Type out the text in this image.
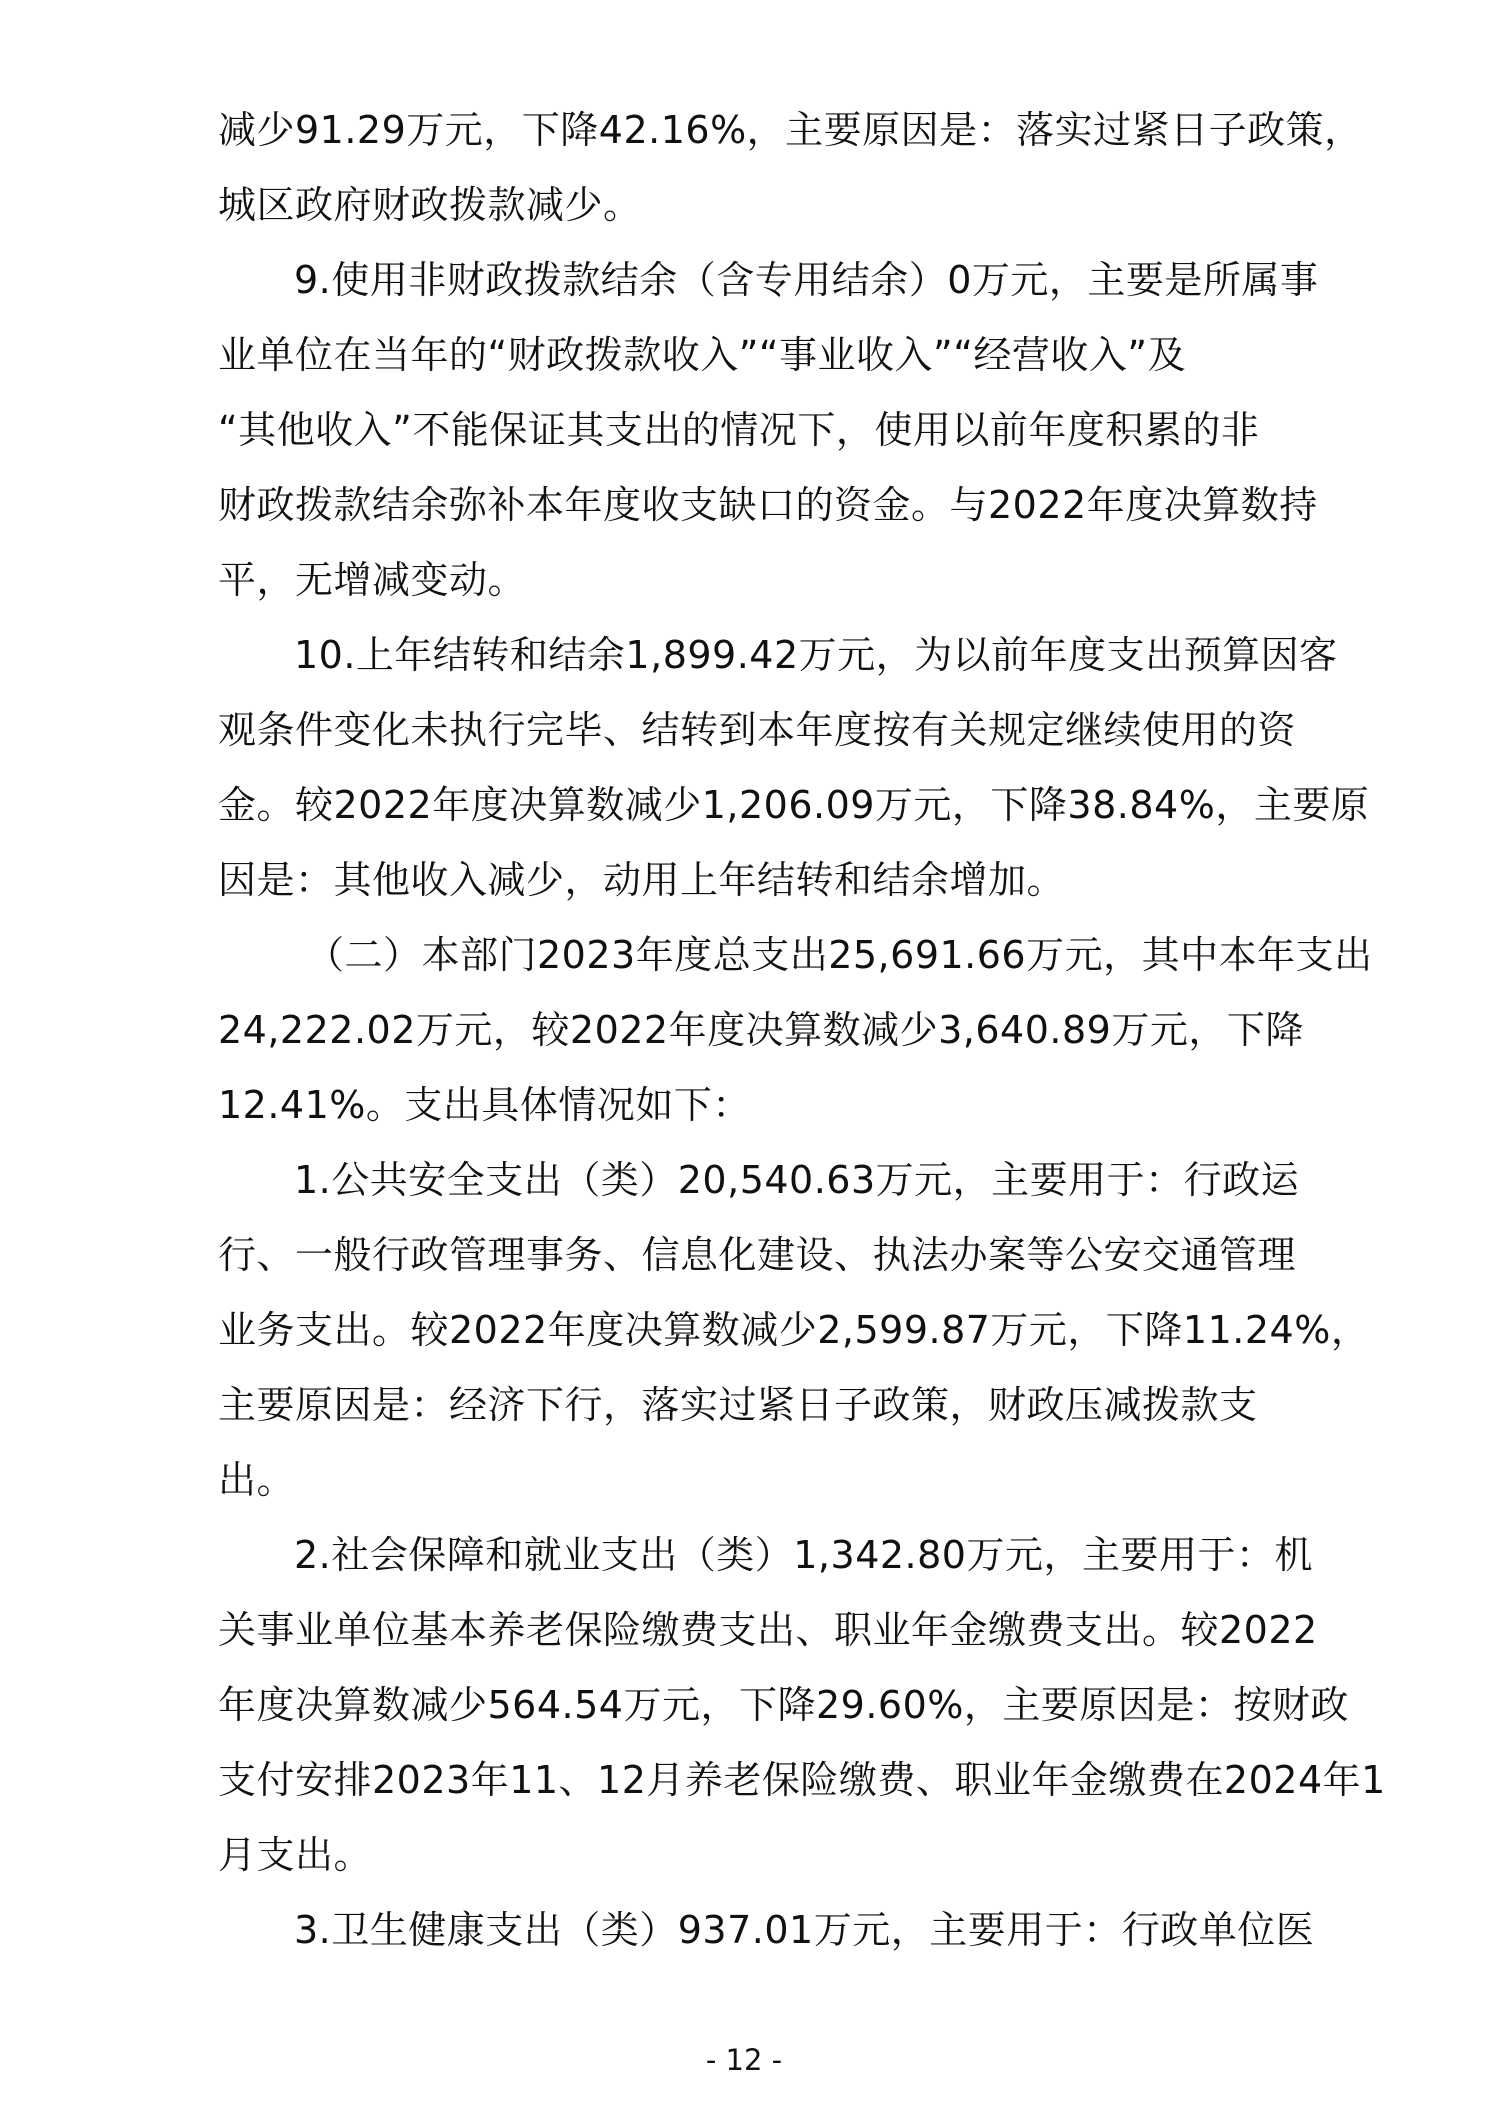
减少91.29万元，下降42.16%，主要原因是：落实过紧日子政策，
城区政府财政拨款减少。
9.使用非财政拨款结余（含专用结余）0万元，主要是所属事
业单位在当年的“财政拨款收入”“事业收入”“经营收入”及
“其他收入”不能保证其支出的情况下，使用以前年度积累的非
财政拨款结余弥补本年度收支缺口的资金。与2022年度决算数持
平，无增减变动。
10.上年结转和结余1,899.42万元，为以前年度支出预算因客
观条件变化未执行完毕、结转到本年度按有关规定继续使用的资
金。较2022年度决算数减少1,206.09万元，下降38.84%，主要原
因是：其他收入减少，动用上年结转和结余增加。
（二）本部门2023年度总支出25,691.66万元，其中本年支出
24,222.02万元，较2022年度决算数减少3,640.89万元，下降
12.41%。支出具体情况如下：
1.公共安全支出（类）20,540.63万元，主要用于：行政运
行、一般行政管理事务、信息化建设、执法办案等公安交通管理
业务支出。较2022年度决算数减少2,599.87万元，下降11.24%，
主要原因是：经济下行，落实过紧日子政策，财政压减拨款支
出。
2.社会保障和就业支出（类）1,342.80万元，主要用于：机
关事业单位基本养老保险缴费支出、职业年金缴费支出。较2022
年度决算数减少564.54万元，下降29.60%，主要原因是：按财政
支付安排2023年11、12月养老保险缴费、职业年金缴费在2024年1
月支出。
3.卫生健康支出（类）937.01万元，主要用于：行政单位医
- 12 -
